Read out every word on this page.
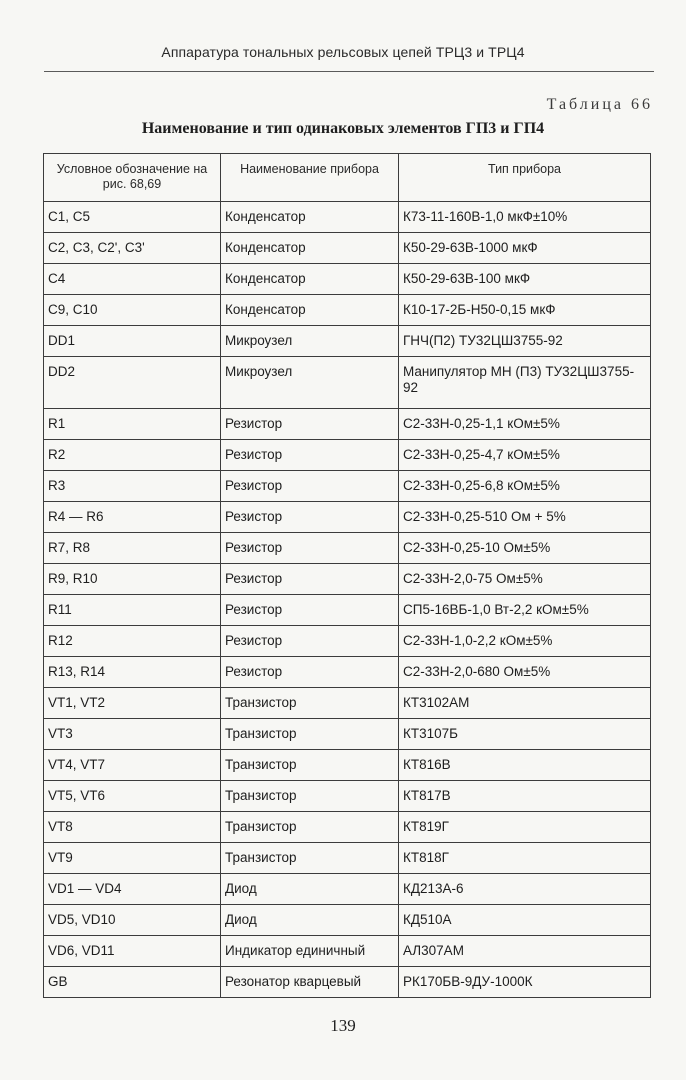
Аппаратура тональных рельсовых цепей ТРЦ3 и ТРЦ4
Таблица 66
Наименование и тип одинаковых элементов ГП3 и ГП4
Условное обозначение на рис. 68,69	Наименование прибора	Тип прибора
С1, С5	Конденсатор	К73-11-160В-1,0 мкФ±10%
С2, С3, С2', С3'	Конденсатор	К50-29-63В-1000 мкФ
С4	Конденсатор	К50-29-63В-100 мкФ
С9, С10	Конденсатор	К10-17-2Б-Н50-0,15 мкФ
DD1	Микроузел	ГНЧ(П2) ТУ32ЦШ3755-92
DD2	Микроузел	Манипулятор МН (П3) ТУ32ЦШ3755-92
R1	Резистор	С2-33Н-0,25-1,1 кОм±5%
R2	Резистор	С2-33Н-0,25-4,7 кОм±5%
R3	Резистор	С2-33Н-0,25-6,8 кОм±5%
R4 — R6	Резистор	С2-33Н-0,25-510 Ом + 5%
R7, R8	Резистор	С2-33Н-0,25-10 Ом±5%
R9, R10	Резистор	С2-33Н-2,0-75 Ом±5%
R11	Резистор	СП5-16ВБ-1,0 Вт-2,2 кОм±5%
R12	Резистор	С2-33Н-1,0-2,2 кОм±5%
R13, R14	Резистор	С2-33Н-2,0-680 Ом±5%
VT1, VT2	Транзистор	КТ3102АМ
VT3	Транзистор	КТ3107Б
VT4, VT7	Транзистор	КТ816В
VT5, VT6	Транзистор	КТ817В
VT8	Транзистор	КТ819Г
VT9	Транзистор	КТ818Г
VD1 — VD4	Диод	КД213А-6
VD5, VD10	Диод	КД510А
VD6, VD11	Индикатор единичный	АЛ307АМ
GB	Резонатор кварцевый	РК170БВ-9ДУ-1000К
139
